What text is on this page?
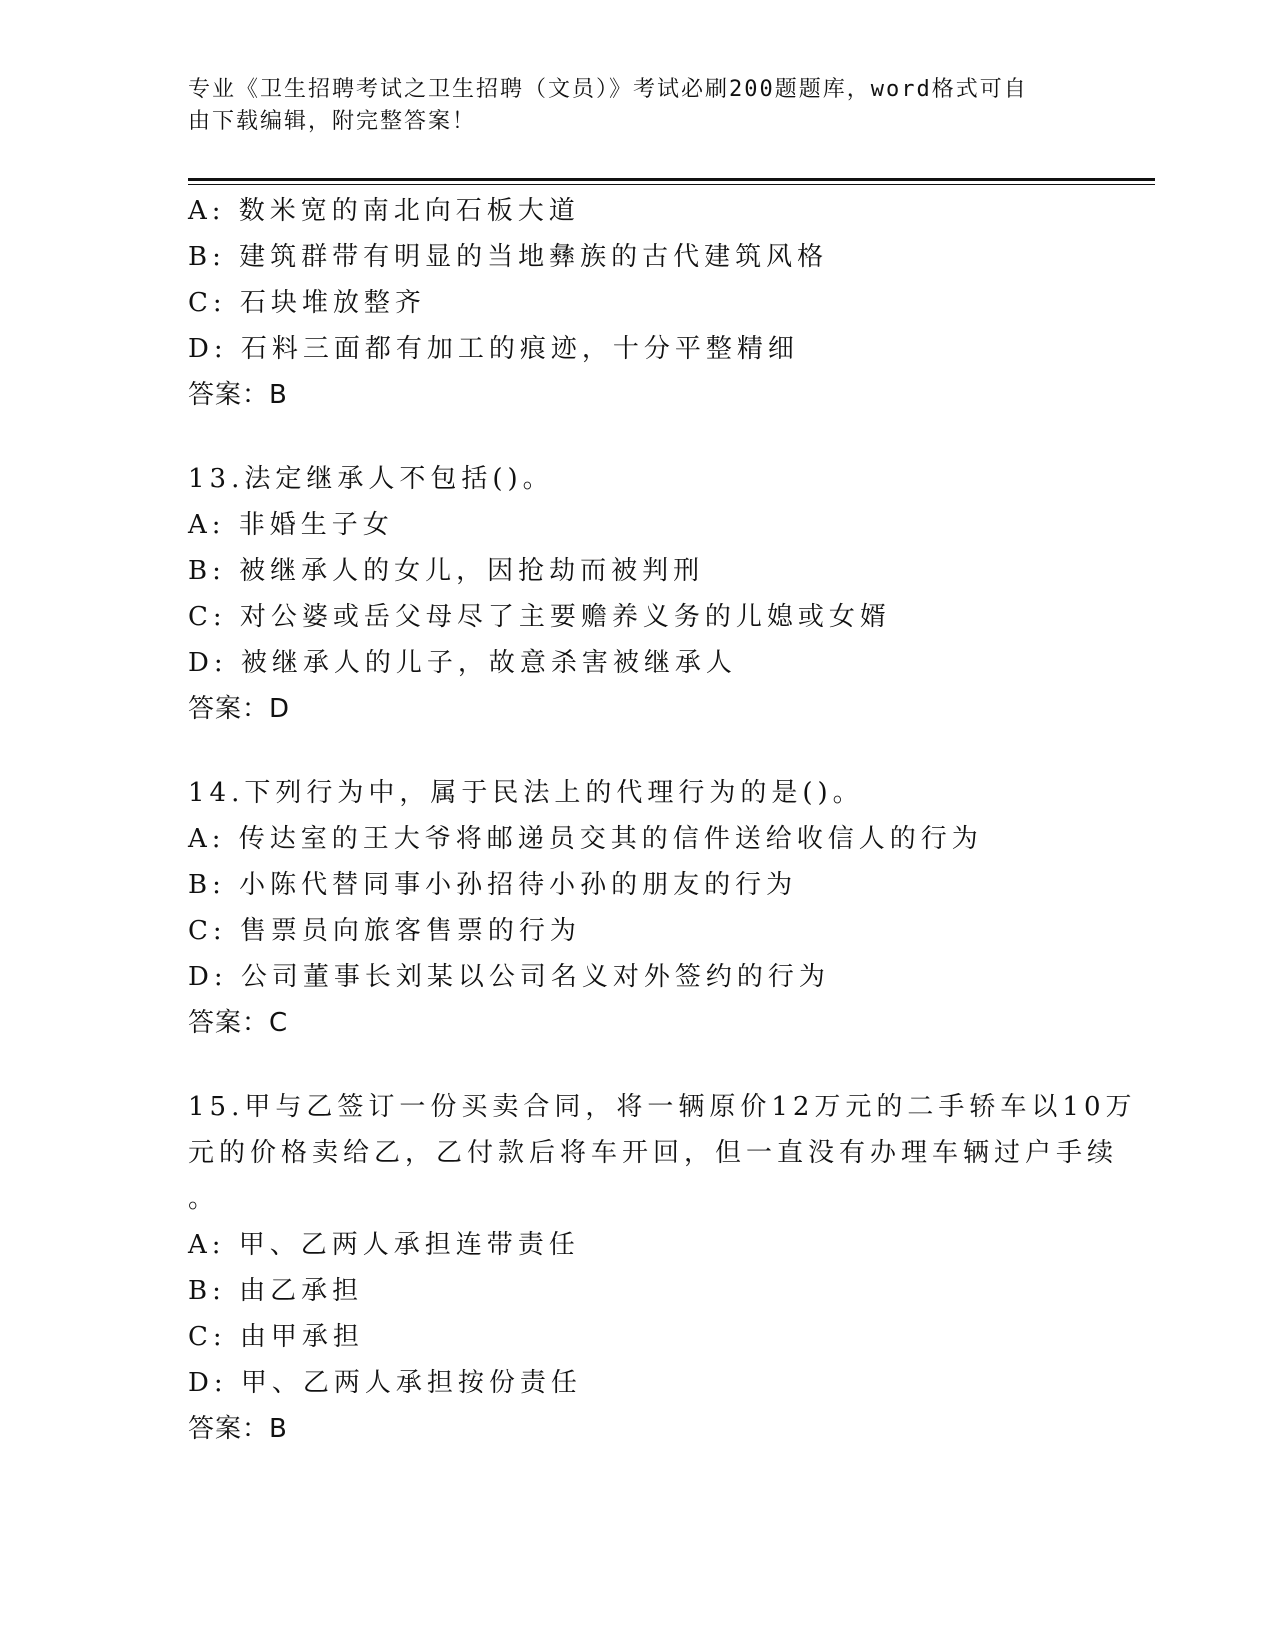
专业《卫生招聘考试之卫生招聘（文员）》考试必刷200题题库，word格式可自
由下载编辑，附完整答案！
A: 数米宽的南北向石板大道
B: 建筑群带有明显的当地彝族的古代建筑风格
C: 石块堆放整齐
D: 石料三面都有加工的痕迹，十分平整精细
答案：B
13.法定继承人不包括()。
A: 非婚生子女
B: 被继承人的女儿，因抢劫而被判刑
C: 对公婆或岳父母尽了主要赡养义务的儿媳或女婿
D: 被继承人的儿子，故意杀害被继承人
答案：D
14.下列行为中，属于民法上的代理行为的是()。
A: 传达室的王大爷将邮递员交其的信件送给收信人的行为
B: 小陈代替同事小孙招待小孙的朋友的行为
C: 售票员向旅客售票的行为
D: 公司董事长刘某以公司名义对外签约的行为
答案：C
15.甲与乙签订一份买卖合同，将一辆原价12万元的二手轿车以10万
元的价格卖给乙，乙付款后将车开回，但一直没有办理车辆过户手续
。
A: 甲、乙两人承担连带责任
B: 由乙承担
C: 由甲承担
D: 甲、乙两人承担按份责任
答案：B
